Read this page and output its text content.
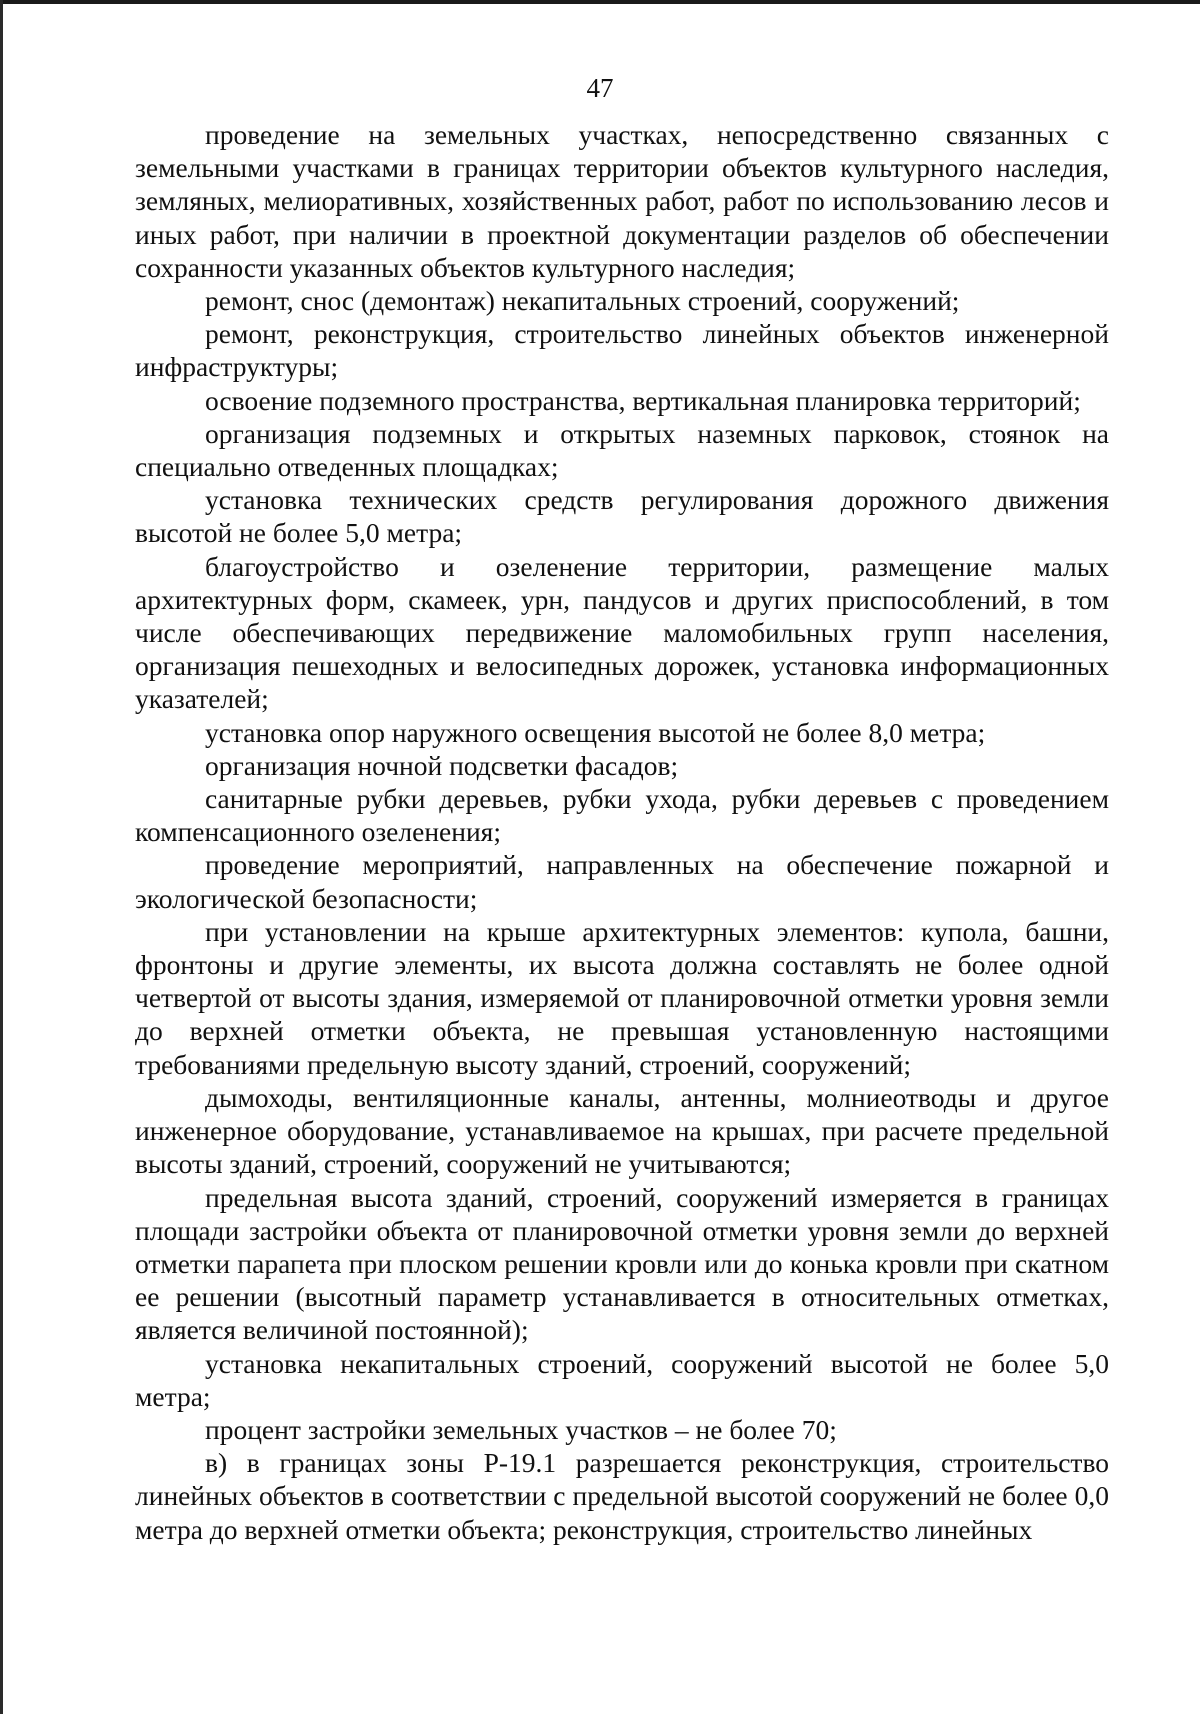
47

проведение на земельных участках, непосредственно связанных с земельными участками в границах территории объектов культурного наследия, земляных, мелиоративных, хозяйственных работ, работ по использованию лесов и иных работ, при наличии в проектной документации разделов об обеспечении сохранности указанных объектов культурного наследия;

ремонт, снос (демонтаж) некапитальных строений, сооружений;

ремонт, реконструкция, строительство линейных объектов инженерной инфраструктуры;

освоение подземного пространства, вертикальная планировка территорий;

организация подземных и открытых наземных парковок, стоянок на специально отведенных площадках;

установка технических средств регулирования дорожного движения высотой не более 5,0 метра;

благоустройство и озеленение территории, размещение малых архитектурных форм, скамеек, урн, пандусов и других приспособлений, в том числе обеспечивающих передвижение маломобильных групп населения, организация пешеходных и велосипедных дорожек, установка информационных указателей;

установка опор наружного освещения высотой не более 8,0 метра;

организация ночной подсветки фасадов;

санитарные рубки деревьев, рубки ухода, рубки деревьев с проведением компенсационного озеленения;

проведение мероприятий, направленных на обеспечение пожарной и экологической безопасности;

при установлении на крыше архитектурных элементов: купола, башни, фронтоны и другие элементы, их высота должна составлять не более одной четвертой от высоты здания, измеряемой от планировочной отметки уровня земли до верхней отметки объекта, не превышая установленную настоящими требованиями предельную высоту зданий, строений, сооружений;

дымоходы, вентиляционные каналы, антенны, молниеотводы и другое инженерное оборудование, устанавливаемое на крышах, при расчете предельной высоты зданий, строений, сооружений не учитываются;

предельная высота зданий, строений, сооружений измеряется в границах площади застройки объекта от планировочной отметки уровня земли до верхней отметки парапета при плоском решении кровли или до конька кровли при скатном ее решении (высотный параметр устанавливается в относительных отметках, является величиной постоянной);

установка некапитальных строений, сооружений высотой не более 5,0 метра;

процент застройки земельных участков – не более 70;

в) в границах зоны Р-19.1 разрешается реконструкция, строительство линейных объектов в соответствии с предельной высотой сооружений не более 0,0 метра до верхней отметки объекта; реконструкция, строительство линейных
